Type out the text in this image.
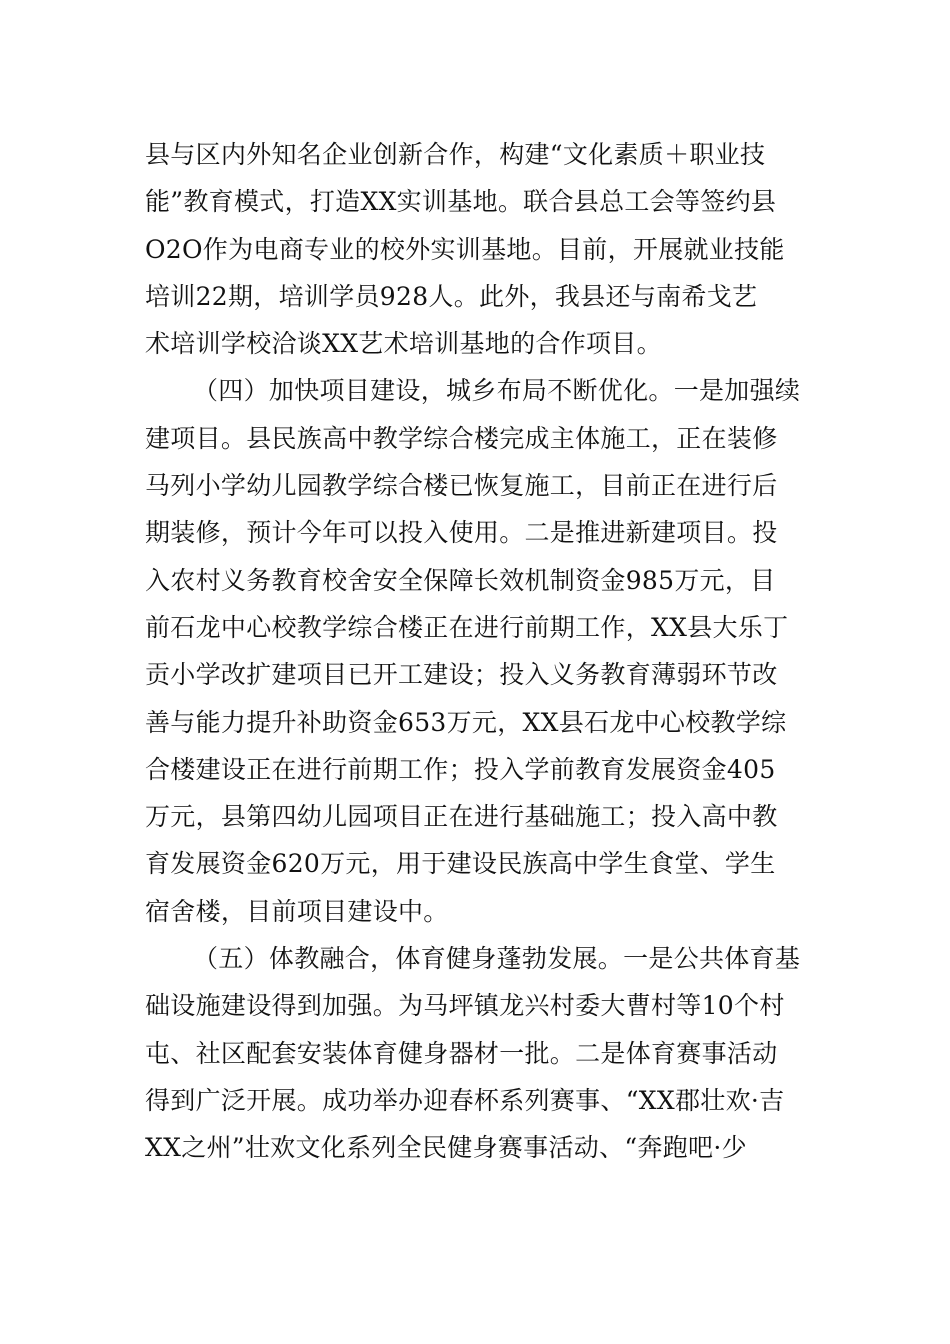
县与区内外知名企业创新合作，构建“文化素质＋职业技
能”教育模式，打造XX实训基地。联合县总工会等签约县
O2O作为电商专业的校外实训基地。目前，开展就业技能
培训22期，培训学员928人。此外，我县还与南希戈艺
术培训学校洽谈XX艺术培训基地的合作项目。
（四）加快项目建设，城乡布局不断优化。一是加强续
建项目。县民族高中教学综合楼完成主体施工，正在装修
马列小学幼儿园教学综合楼已恢复施工，目前正在进行后
期装修，预计今年可以投入使用。二是推进新建项目。投
入农村义务教育校舍安全保障长效机制资金985万元，目
前石龙中心校教学综合楼正在进行前期工作，XX县大乐丁
贡小学改扩建项目已开工建设；投入义务教育薄弱环节改
善与能力提升补助资金653万元，XX县石龙中心校教学综
合楼建设正在进行前期工作；投入学前教育发展资金405
万元，县第四幼儿园项目正在进行基础施工；投入高中教
育发展资金620万元，用于建设民族高中学生食堂、学生
宿舍楼，目前项目建设中。
（五）体教融合，体育健身蓬勃发展。一是公共体育基
础设施建设得到加强。为马坪镇龙兴村委大曹村等10个村
屯、社区配套安装体育健身器材一批。二是体育赛事活动
得到广泛开展。成功举办迎春杯系列赛事、“XX郡壮欢·吉
XX之州”壮欢文化系列全民健身赛事活动、“奔跑吧·少
